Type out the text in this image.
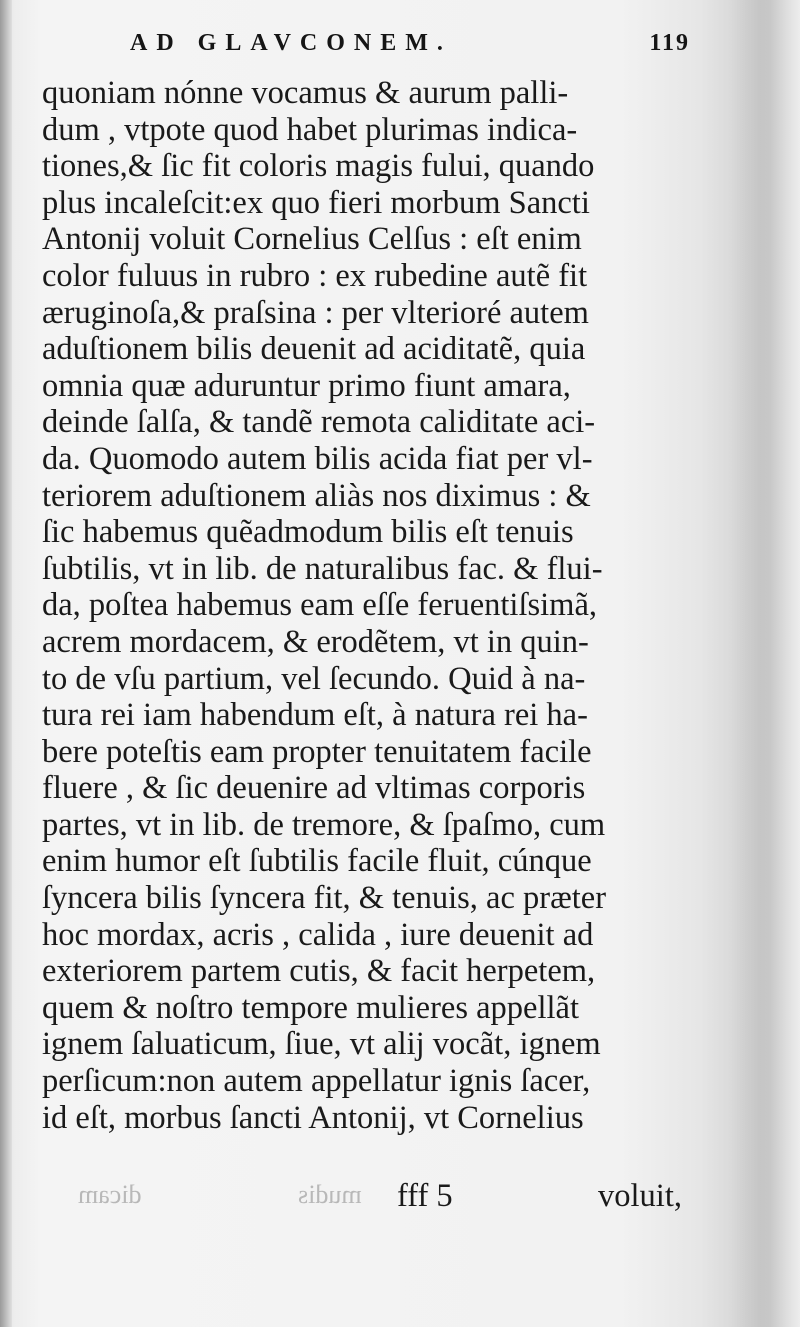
AD GLAVCONEM.	119
quoniam nónne vocamus & aurum palli-
dum , vtpote quod habet plurimas indica-
tiones,& ſic fit coloris magis fului, quando
plus incaleſcit:ex quo fieri morbum Sancti
Antonij voluit Cornelius Celſus : eſt enim
color fuluus in rubro : ex rubedine autẽ fit
æruginoſa,& praſsina : per vlterioré autem
aduſtionem bilis deuenit ad aciditatẽ, quia
omnia quæ aduruntur primo fiunt amara,
deinde ſalſa, & tandẽ remota caliditate aci-
da. Quomodo autem bilis acida fiat per vl-
teriorem aduſtionem aliàs nos diximus : &
ſic habemus quẽadmodum bilis eſt tenuis
ſubtilis, vt in lib. de naturalibus fac. & flui-
da, poſtea habemus eam eſſe feruentiſsimã,
acrem mordacem, & erodẽtem, vt in quin-
to de vſu partium, vel ſecundo. Quid à na-
tura rei iam habendum eſt, à natura rei ha-
bere poteſtis eam propter tenuitatem facile
fluere , & ſic deuenire ad vltimas corporis
partes, vt in lib. de tremore, & ſpaſmo, cum
enim humor eſt ſubtilis facile fluit, cúnque
ſyncera bilis ſyncera fit, & tenuis, ac præter
hoc mordax, acris , calida , iure deuenit ad
exteriorem partem cutis, & facit herpetem,
quem & noſtro tempore mulieres appellãt
ignem ſaluaticum, ſiue, vt alij vocãt, ignem
perſicum:non autem appellatur ignis ſacer,
id eſt, morbus ſancti Antonij, vt Cornelius
mudis dicam	fff 5	voluit,
